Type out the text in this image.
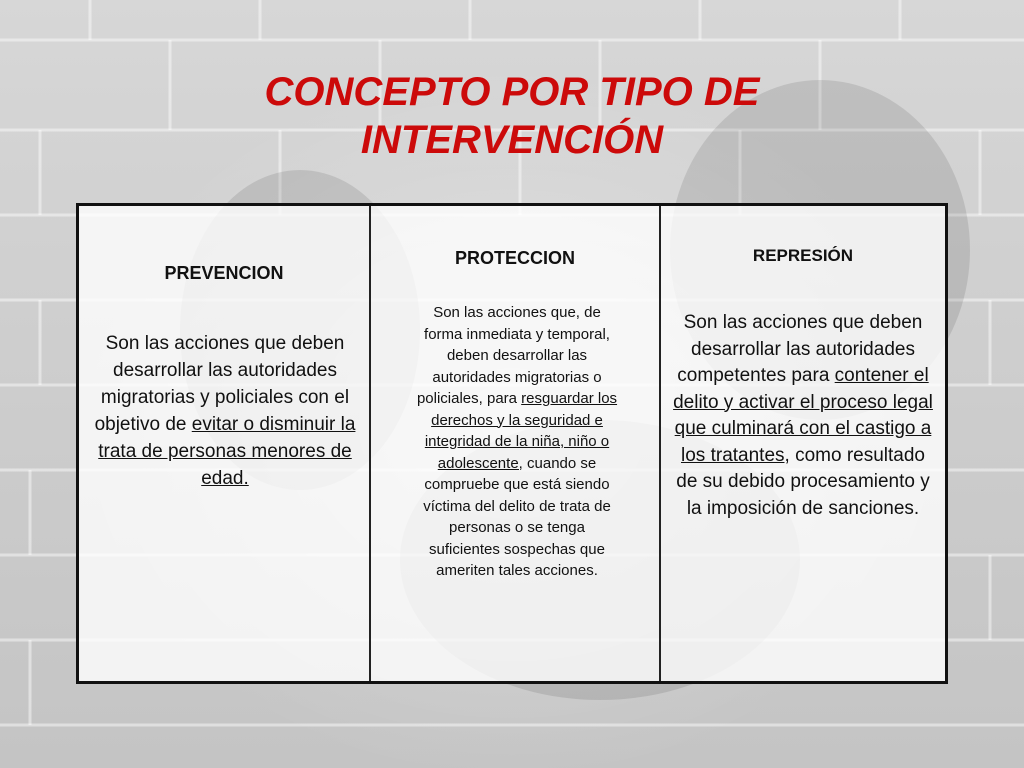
CONCEPTO POR TIPO DE
INTERVENCIÓN
PREVENCION
Son las acciones que deben desarrollar las autoridades migratorias y policiales con el objetivo de evitar o disminuir la trata de personas menores de edad.
PROTECCION
Son las acciones que, de forma inmediata y temporal, deben desarrollar las autoridades migratorias o policiales, para resguardar los derechos y la seguridad e integridad de la niña, niño o adolescente, cuando se compruebe que está siendo víctima del delito de trata de personas o se tenga suficientes sospechas que ameriten tales acciones.
REPRESIÓN
Son las acciones que deben desarrollar las autoridades competentes para contener el delito y activar el proceso legal que culminará con el castigo a los tratantes, como resultado de su debido procesamiento y la imposición de sanciones.
